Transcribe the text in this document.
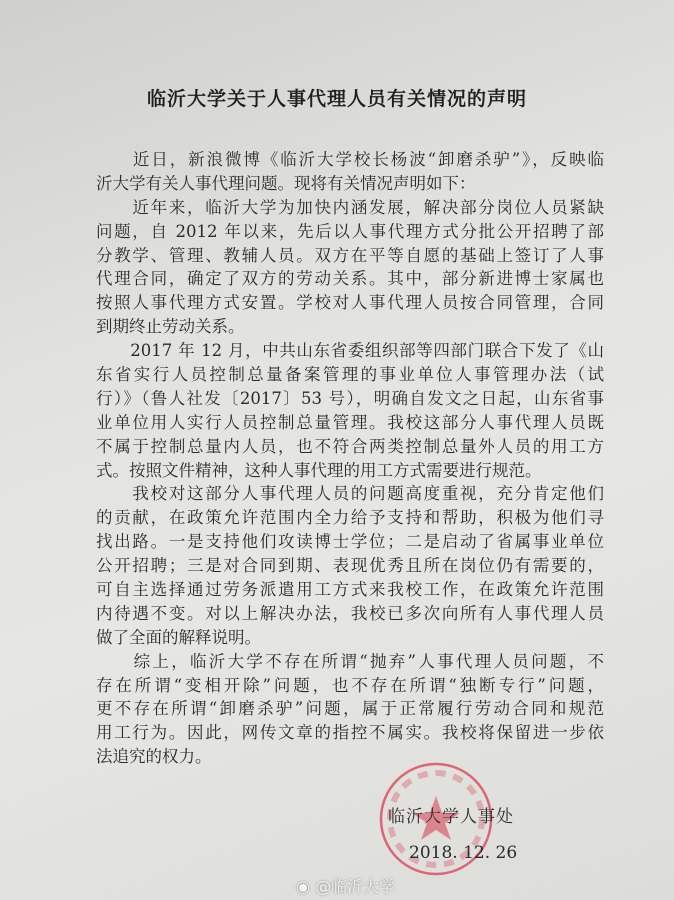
临沂大学关于人事代理人员有关情况的声明
　　近日，新浪微博《临沂大学校长杨波“卸磨杀驴”》，反映临
沂大学有关人事代理问题。现将有关情况声明如下：
　　近年来，临沂大学为加快内涵发展，解决部分岗位人员紧缺
问题，自 2012 年以来，先后以人事代理方式分批公开招聘了部
分教学、管理、教辅人员。双方在平等自愿的基础上签订了人事
代理合同，确定了双方的劳动关系。其中，部分新进博士家属也
按照人事代理方式安置。学校对人事代理人员按合同管理，合同
到期终止劳动关系。
　　2017 年 12 月，中共山东省委组织部等四部门联合下发了《山
东省实行人员控制总量备案管理的事业单位人事管理办法（试
行）》（鲁人社发〔2017〕53 号），明确自发文之日起，山东省事
业单位用人实行人员控制总量管理。我校这部分人事代理人员既
不属于控制总量内人员，也不符合两类控制总量外人员的用工方
式。按照文件精神，这种人事代理的用工方式需要进行规范。
　　我校对这部分人事代理人员的问题高度重视，充分肯定他们
的贡献，在政策允许范围内全力给予支持和帮助，积极为他们寻
找出路。一是支持他们攻读博士学位；二是启动了省属事业单位
公开招聘；三是对合同到期、表现优秀且所在岗位仍有需要的，
可自主选择通过劳务派遣用工方式来我校工作，在政策允许范围
内待遇不变。对以上解决办法，我校已多次向所有人事代理人员
做了全面的解释说明。
　　综上，临沂大学不存在所谓“抛弃”人事代理人员问题，不
存在所谓“变相开除”问题，也不存在所谓“独断专行”问题，
更不存在所谓“卸磨杀驴”问题，属于正常履行劳动合同和规范
用工行为。因此，网传文章的指控不属实。我校将保留进一步依
法追究的权力。
临沂大学人事处
2018. 12. 26
◉ @临沂大学
